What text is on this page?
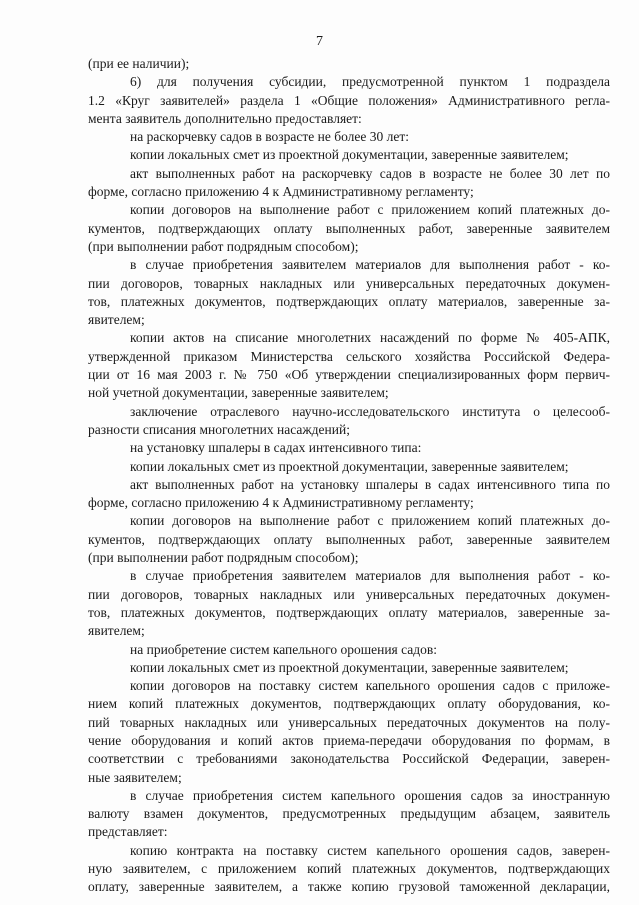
7
(при ее наличии);
6) для получения субсидии, предусмотренной пунктом 1 подраздела
1.2 «Круг заявителей» раздела 1 «Общие положения» Административного регла-
мента заявитель дополнительно предоставляет:
на раскорчевку садов в возрасте не более 30 лет:
копии локальных смет из проектной документации, заверенные заявителем;
акт выполненных работ на раскорчевку садов в возрасте не более 30 лет по
форме, согласно приложению 4 к Административному регламенту;
копии договоров на выполнение работ с приложением копий платежных до-
кументов, подтверждающих оплату выполненных работ, заверенные заявителем
(при выполнении работ подрядным способом);
в случае приобретения заявителем материалов для выполнения работ - ко-
пии договоров, товарных накладных или универсальных передаточных докумен-
тов, платежных документов, подтверждающих оплату материалов, заверенные за-
явителем;
копии актов на списание многолетних насаждений по форме № 405-АПК,
утвержденной приказом Министерства сельского хозяйства Российской Федера-
ции от 16 мая 2003 г. № 750 «Об утверждении специализированных форм первич-
ной учетной документации, заверенные заявителем;
заключение отраслевого научно-исследовательского института о целесооб-
разности списания многолетних насаждений;
на установку шпалеры в садах интенсивного типа:
копии локальных смет из проектной документации, заверенные заявителем;
акт выполненных работ на установку шпалеры в садах интенсивного типа по
форме, согласно приложению 4 к Административному регламенту;
копии договоров на выполнение работ с приложением копий платежных до-
кументов, подтверждающих оплату выполненных работ, заверенные заявителем
(при выполнении работ подрядным способом);
в случае приобретения заявителем материалов для выполнения работ - ко-
пии договоров, товарных накладных или универсальных передаточных докумен-
тов, платежных документов, подтверждающих оплату материалов, заверенные за-
явителем;
на приобретение систем капельного орошения садов:
копии локальных смет из проектной документации, заверенные заявителем;
копии договоров на поставку систем капельного орошения садов с приложе-
нием копий платежных документов, подтверждающих оплату оборудования, ко-
пий товарных накладных или универсальных передаточных документов на полу-
чение оборудования и копий актов приема-передачи оборудования по формам, в
соответствии с требованиями законодательства Российской Федерации, заверен-
ные заявителем;
в случае приобретения систем капельного орошения садов за иностранную
валюту взамен документов, предусмотренных предыдущим абзацем, заявитель
представляет:
копию контракта на поставку систем капельного орошения садов, заверен-
ную заявителем, с приложением копий платежных документов, подтверждающих
оплату, заверенные заявителем, а также копию грузовой таможенной декларации,
